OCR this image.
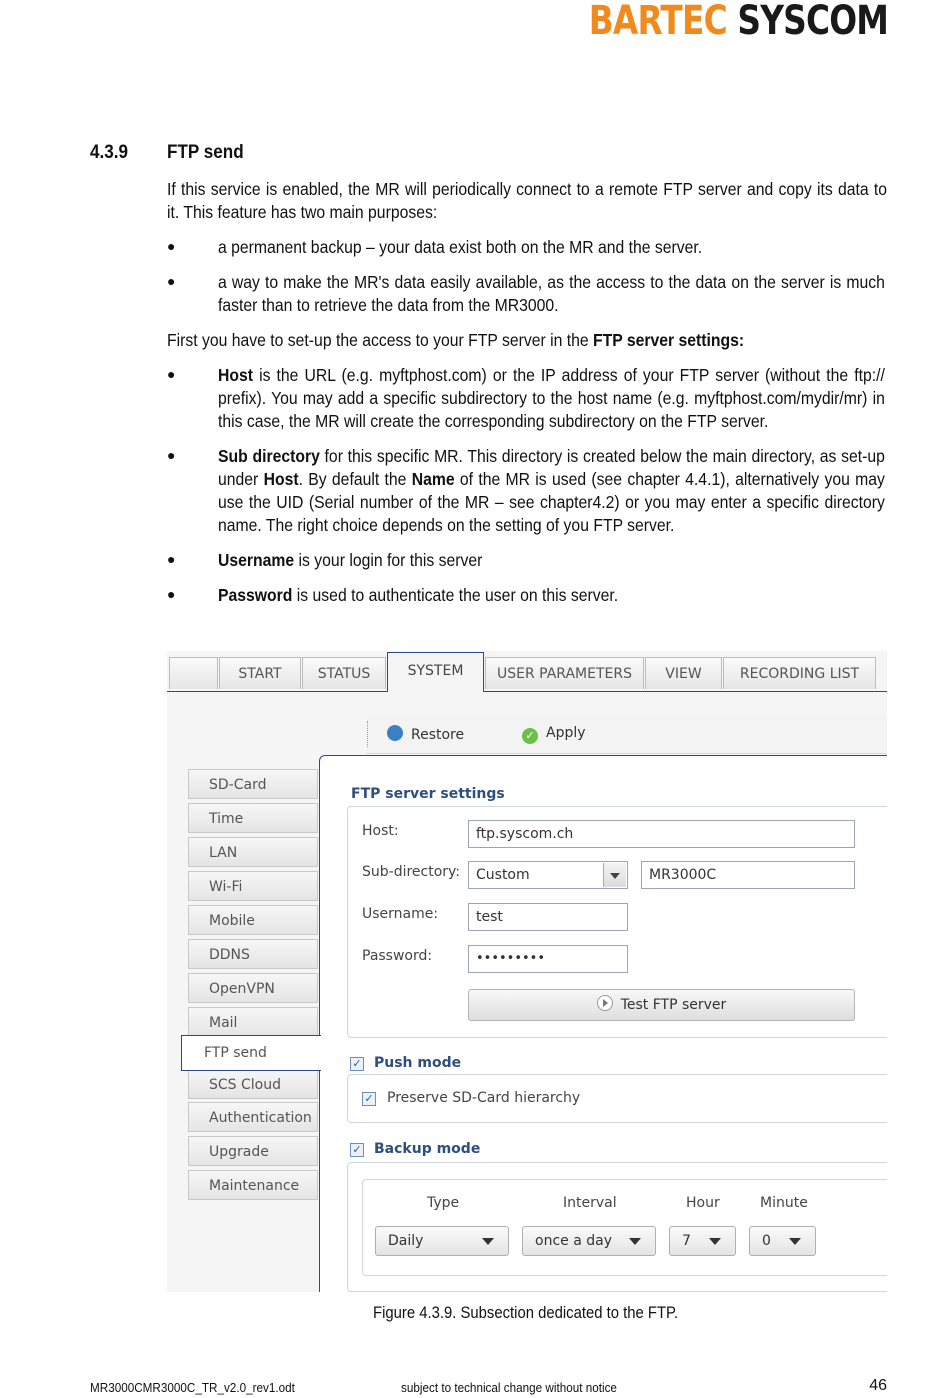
BARTEC SYSCOM
4.3.9 FTP send
If this service is enabled, the MR will periodically connect to a remote FTP server and copy its data to it. This feature has two main purposes:
● a permanent backup – your data exist both on the MR and the server.
● a way to make the MR's data easily available, as the access to the data on the server is much faster than to retrieve the data from the MR3000.
First you have to set-up the access to your FTP server in the FTP server settings:
● Host is the URL (e.g. myftphost.com) or the IP address of your FTP server (without the ftp:// prefix). You may add a specific subdirectory to the host name (e.g. myftphost.com/mydir/mr) in this case, the MR will create the corresponding subdirectory on the FTP server.
● Sub directory for this specific MR. This directory is created below the main directory, as set-up under Host. By default the Name of the MR is used (see chapter 4.4.1), alternatively you may use the UID (Serial number of the MR – see chapter4.2) or you may enter a specific directory name. The right choice depends on the setting of you FTP server.
● Username is your login for this server
● Password is used to authenticate the user on this server.
START	STATUS	SYSTEM	USER PARAMETERS	VIEW	RECORDING LIST
Restore	✓ Apply
SD-Card
Time
LAN
Wi-Fi
Mobile
DDNS
OpenVPN
Mail
FTP send
SCS Cloud
Authentication
Upgrade
Maintenance
FTP server settings
Host:	ftp.syscom.ch
Sub-directory:	Custom	MR3000C
Username:	test
Password:	•••••••••
Test FTP server
✓ Push mode
✓ Preserve SD-Card hierarchy
✓ Backup mode
Type	Interval	Hour	Minute
Daily	once a day	7	0
Figure 4.3.9. Subsection dedicated to the FTP.
MR3000CMR3000C_TR_v2.0_rev1.odt	subject to technical change without notice	46
